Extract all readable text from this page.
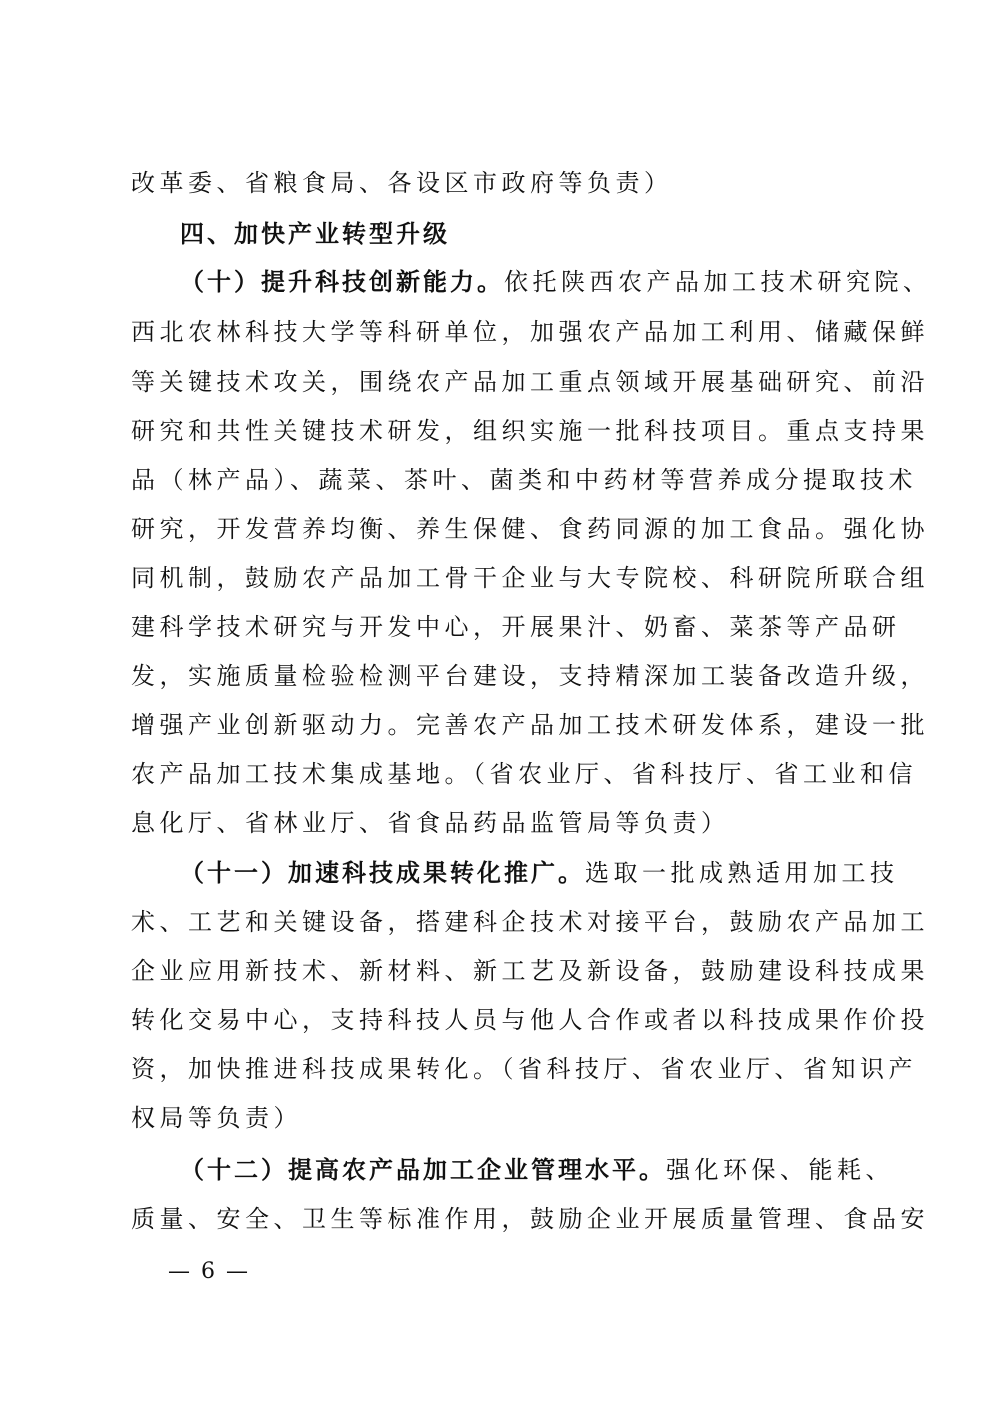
改革委、省粮食局、各设区市政府等负责）
四、加快产业转型升级
（十）提升科技创新能力。依托陕西农产品加工技术研究院、
西北农林科技大学等科研单位，加强农产品加工利用、储藏保鲜
等关键技术攻关，围绕农产品加工重点领域开展基础研究、前沿
研究和共性关键技术研发，组织实施一批科技项目。重点支持果
品（林产品）、蔬菜、茶叶、菌类和中药材等营养成分提取技术
研究，开发营养均衡、养生保健、食药同源的加工食品。强化协
同机制，鼓励农产品加工骨干企业与大专院校、科研院所联合组
建科学技术研究与开发中心，开展果汁、奶畜、菜茶等产品研
发，实施质量检验检测平台建设，支持精深加工装备改造升级，
增强产业创新驱动力。完善农产品加工技术研发体系，建设一批
农产品加工技术集成基地。（省农业厅、省科技厅、省工业和信
息化厅、省林业厅、省食品药品监管局等负责）
（十一）加速科技成果转化推广。选取一批成熟适用加工技
术、工艺和关键设备，搭建科企技术对接平台，鼓励农产品加工
企业应用新技术、新材料、新工艺及新设备，鼓励建设科技成果
转化交易中心，支持科技人员与他人合作或者以科技成果作价投
资，加快推进科技成果转化。（省科技厅、省农业厅、省知识产
权局等负责）
（十二）提高农产品加工企业管理水平。强化环保、能耗、
质量、安全、卫生等标准作用，鼓励企业开展质量管理、食品安
— 6 —
